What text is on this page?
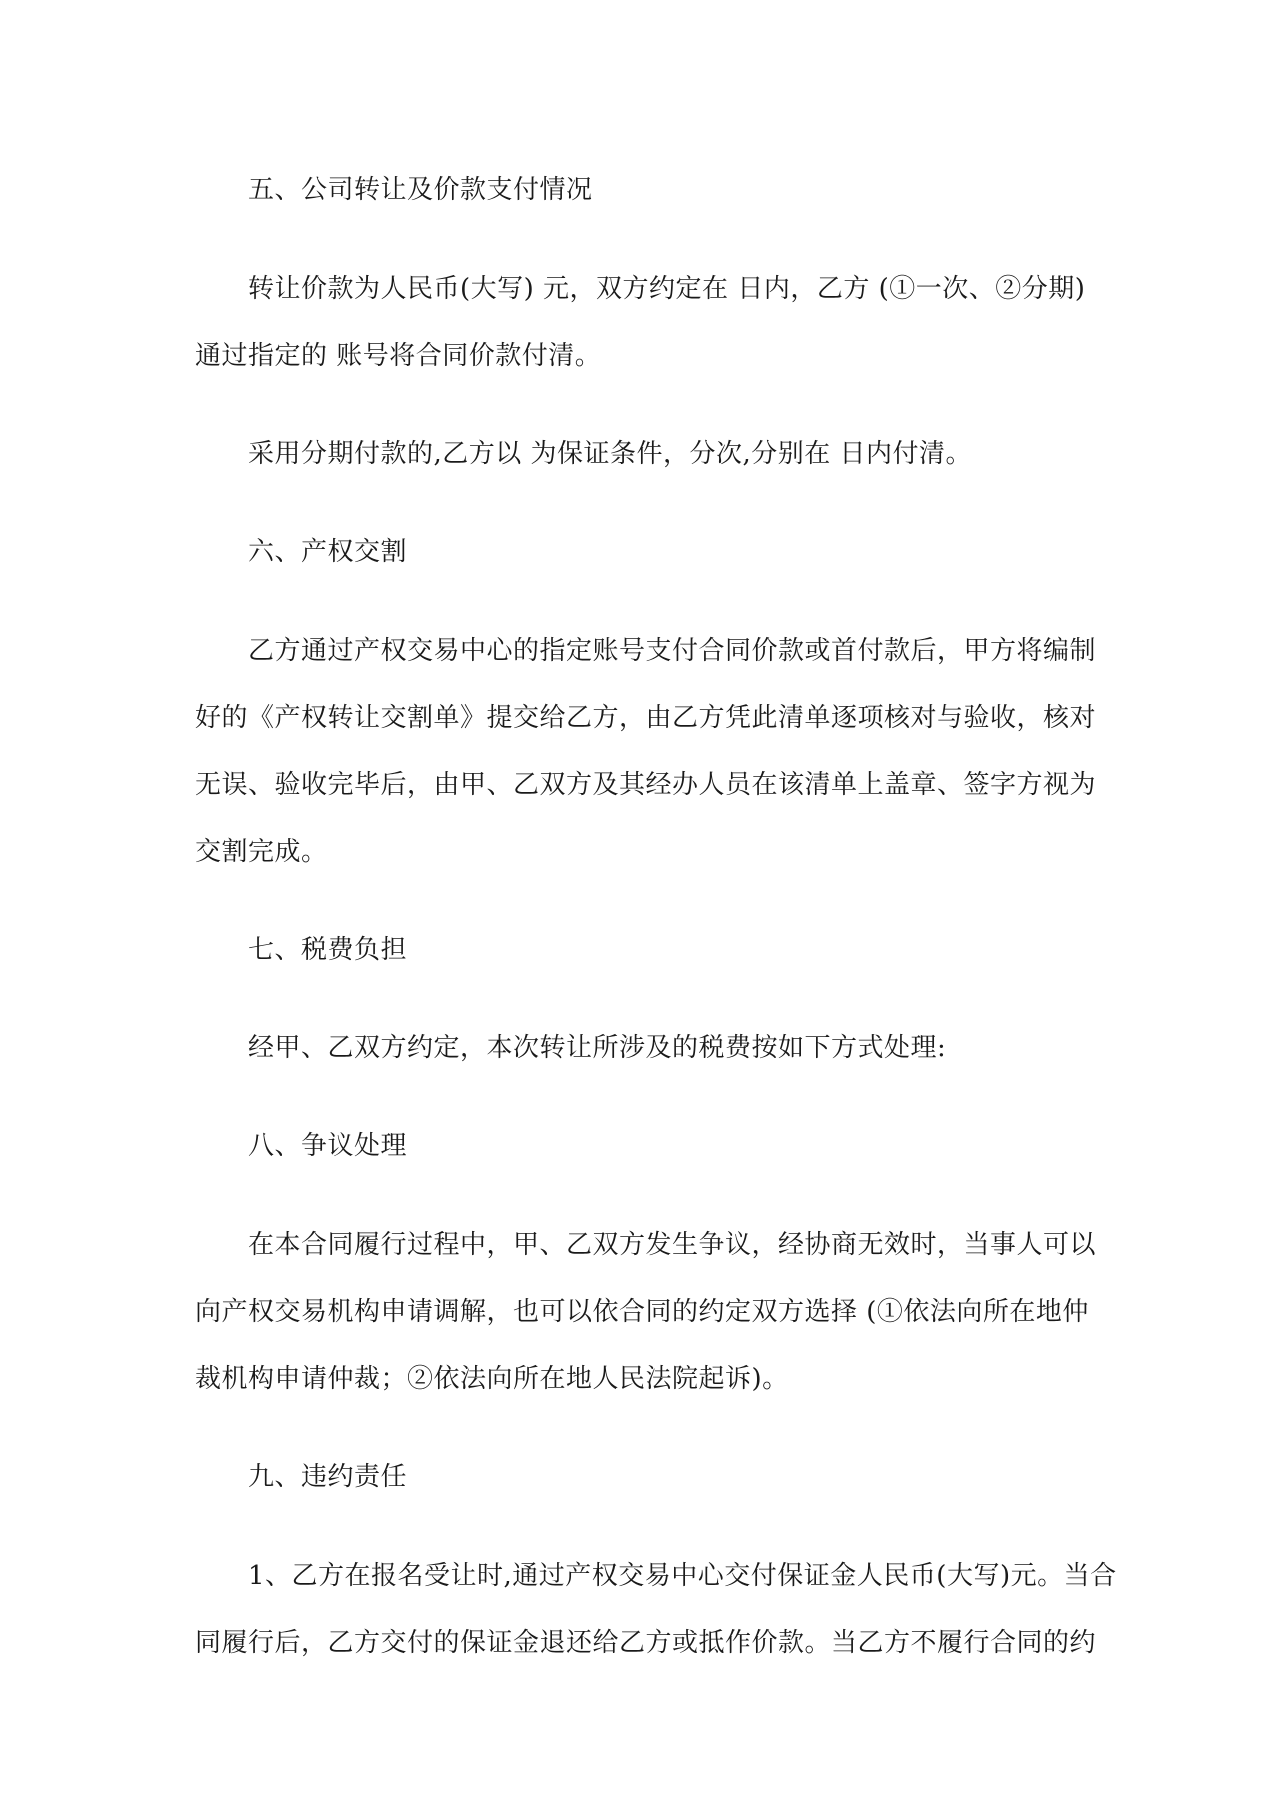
五、公司转让及价款支付情况
转让价款为人民币(大写) 元，双方约定在 日内，乙方 (①一次、②分期)
通过指定的 账号将合同价款付清。
采用分期付款的,乙方以 为保证条件，分次,分别在 日内付清。
六、产权交割
乙方通过产权交易中心的指定账号支付合同价款或首付款后，甲方将编制
好的《产权转让交割单》提交给乙方，由乙方凭此清单逐项核对与验收，核对
无误、验收完毕后，由甲、乙双方及其经办人员在该清单上盖章、签字方视为
交割完成。
七、税费负担
经甲、乙双方约定，本次转让所涉及的税费按如下方式处理:
八、争议处理
在本合同履行过程中，甲、乙双方发生争议，经协商无效时，当事人可以
向产权交易机构申请调解，也可以依合同的约定双方选择 (①依法向所在地仲
裁机构申请仲裁；②依法向所在地人民法院起诉)。
九、违约责任
1、乙方在报名受让时,通过产权交易中心交付保证金人民币(大写)元。当合
同履行后，乙方交付的保证金退还给乙方或抵作价款。当乙方不履行合同的约
